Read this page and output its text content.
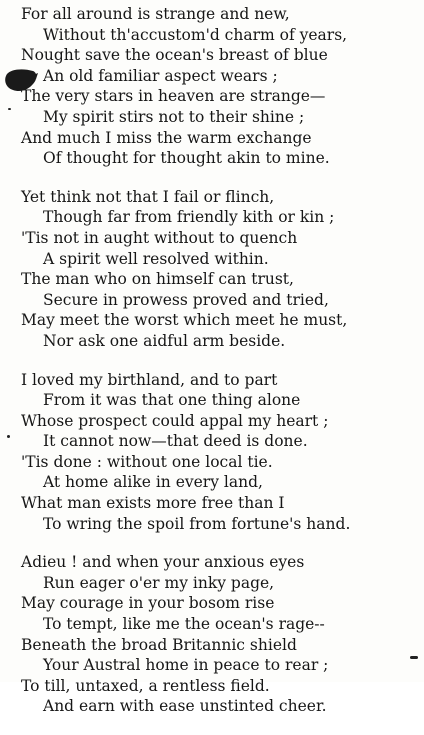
For all around is strange and new,
Without th'accustom'd charm of years,
Nought save the ocean's breast of blue
An old familiar aspect wears ;
The very stars in heaven are strange—
My spirit stirs not to their shine ;
And much I miss the warm exchange
Of thought for thought akin to mine.
Yet think not that I fail or flinch,
Though far from friendly kith or kin ;
'Tis not in aught without to quench
A spirit well resolved within.
The man who on himself can trust,
Secure in prowess proved and tried,
May meet the worst which meet he must,
Nor ask one aidful arm beside.
I loved my birthland, and to part
From it was that one thing alone
Whose prospect could appal my heart ;
It cannot now—that deed is done.
'Tis done : without one local tie.
At home alike in every land,
What man exists more free than I
To wring the spoil from fortune's hand.
Adieu ! and when your anxious eyes
Run eager o'er my inky page,
May courage in your bosom rise
To tempt, like me the ocean's rage--
Beneath the broad Britannic shield
Your Austral home in peace to rear ;
To till, untaxed, a rentless field.
And earn with ease unstinted cheer.
